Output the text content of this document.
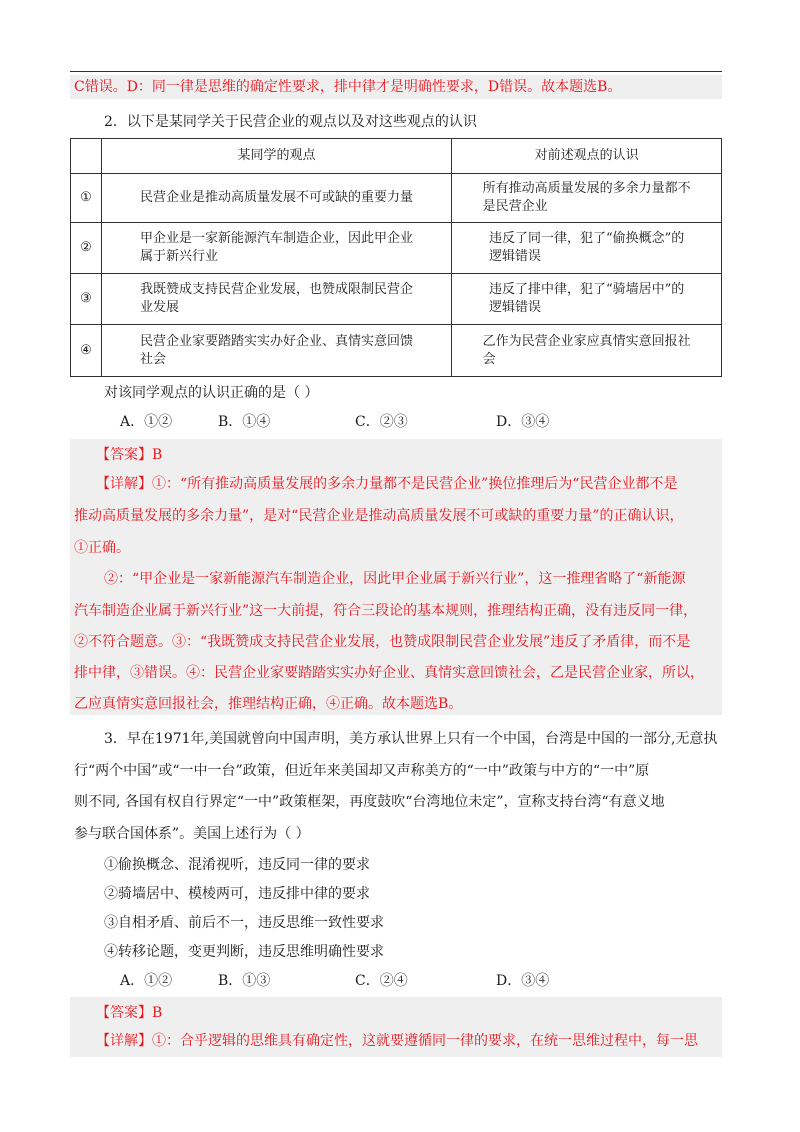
C错误。D：同一律是思维的确定性要求，排中律才是明确性要求，D错误。故本题选B。
2．以下是某同学关于民营企业的观点以及对这些观点的认识
	某同学的观点	对前述观点的认识
①	民营企业是推动高质量发展不可或缺的重要力量	所有推动高质量发展的多余力量都不
是民营企业
②	甲企业是一家新能源汽车制造企业，因此甲企业
属于新兴行业	违反了同一律，犯了“偷换概念”的
逻辑错误
③	我既赞成支持民营企业发展，也赞成限制民营企
业发展	违反了排中律，犯了“骑墙居中”的
逻辑错误
④	民营企业家要踏踏实实办好企业、真情实意回馈
社会	乙作为民营企业家应真情实意回报社
会
对该同学观点的认识正确的是（ ）
A．①②	B．①④	C．②③	D．③④
【答案】B
【详解】①：“所有推动高质量发展的多余力量都不是民营企业”换位推理后为“民营企业都不是
推动高质量发展的多余力量”，是对“民营企业是推动高质量发展不可或缺的重要力量”的正确认识，
①正确。
②：“甲企业是一家新能源汽车制造企业，因此甲企业属于新兴行业”，这一推理省略了“新能源
汽车制造企业属于新兴行业”这一大前提，符合三段论的基本规则，推理结构正确，没有违反同一律，
②不符合题意。③：“我既赞成支持民营企业发展，也赞成限制民营企业发展”违反了矛盾律，而不是
排中律，③错误。④：民营企业家要踏踏实实办好企业、真情实意回馈社会，乙是民营企业家，所以，
乙应真情实意回报社会，推理结构正确，④正确。故本题选B。
3．早在1971年,美国就曾向中国声明，美方承认世界上只有一个中国，台湾是中国的一部分,无意执
行“两个中国”或“一中一台”政策，但近年来美国却又声称美方的“一中”政策与中方的“一中”原
则不同, 各国有权自行界定“一中”政策框架，再度鼓吹“台湾地位未定”，宣称支持台湾“有意义地
参与联合国体系”。美国上述行为（ ）
①偷换概念、混淆视听，违反同一律的要求
②骑墙居中、模棱两可，违反排中律的要求
③自相矛盾、前后不一，违反思维一致性要求
④转移论题，变更判断，违反思维明确性要求
A．①②	B．①③	C．②④	D．③④
【答案】B
【详解】①：合乎逻辑的思维具有确定性，这就要遵循同一律的要求，在统一思维过程中，每一思
